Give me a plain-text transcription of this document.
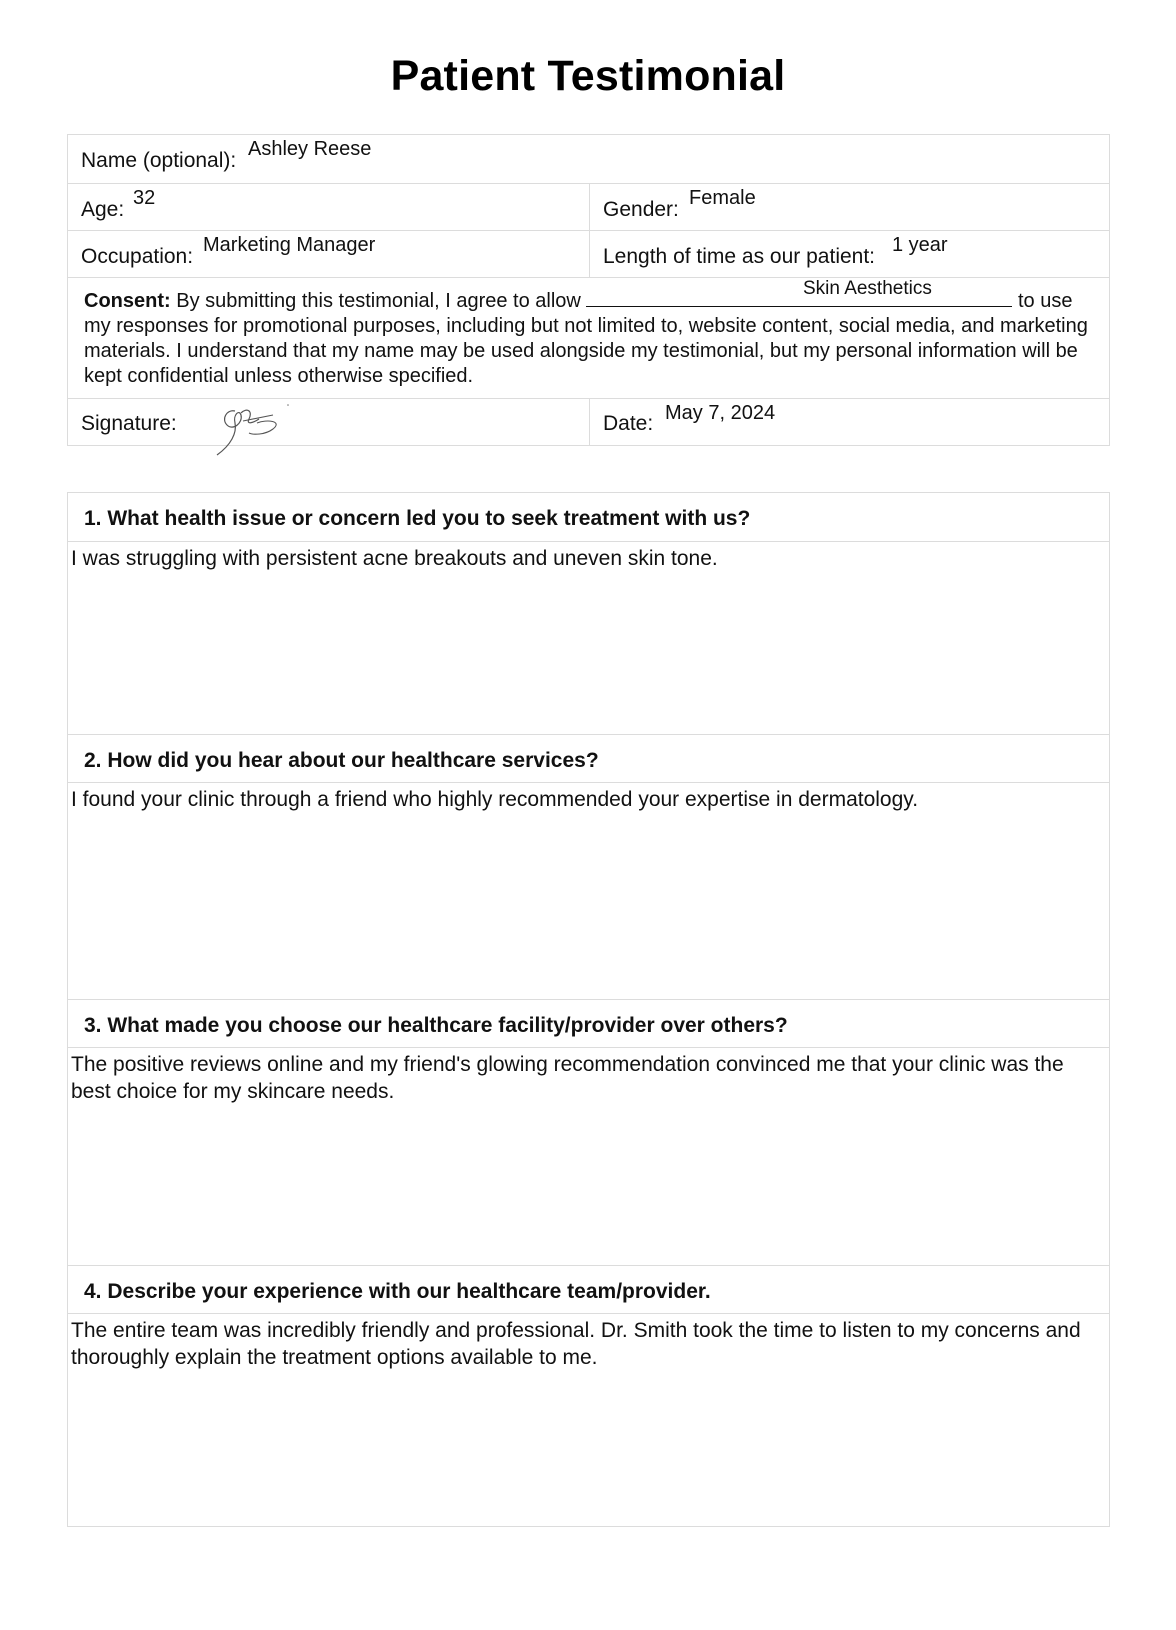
Patient Testimonial
Name (optional): Ashley Reese
Age: 32	Gender: Female
Occupation: Marketing Manager	Length of time as our patient: 1 year
Skin Aesthetics
Consent: By submitting this testimonial, I agree to allow	to use my responses for promotional purposes, including but not limited to, website content, social media, and marketing materials. I understand that my name may be used alongside my testimonial, but my personal information will be kept confidential unless otherwise specified.
Signature:	Date: May 7, 2024
1. What health issue or concern led you to seek treatment with us?
I was struggling with persistent acne breakouts and uneven skin tone.
2. How did you hear about our healthcare services?
I found your clinic through a friend who highly recommended your expertise in dermatology.
3. What made you choose our healthcare facility/provider over others?
The positive reviews online and my friend's glowing recommendation convinced me that your clinic was the best choice for my skincare needs.
4. Describe your experience with our healthcare team/provider.
The entire team was incredibly friendly and professional. Dr. Smith took the time to listen to my concerns and thoroughly explain the treatment options available to me.
